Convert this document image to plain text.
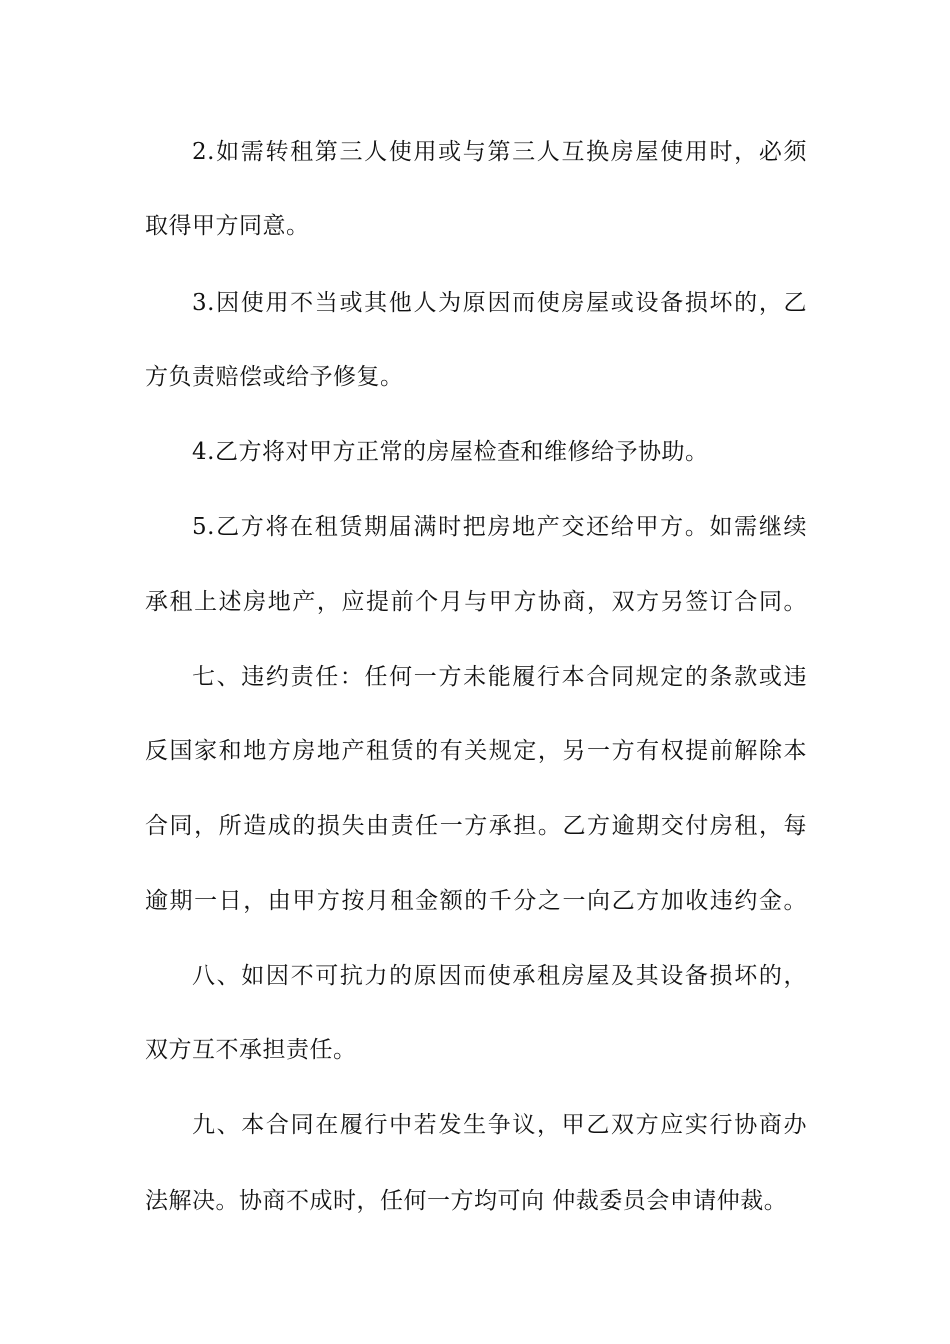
2.如需转租第三人使用或与第三人互换房屋使用时，必须
取得甲方同意。
3.因使用不当或其他人为原因而使房屋或设备损坏的，乙
方负责赔偿或给予修复。
4.乙方将对甲方正常的房屋检查和维修给予协助。
5.乙方将在租赁期届满时把房地产交还给甲方。如需继续
承租上述房地产，应提前个月与甲方协商，双方另签订合同。
七、违约责任：任何一方未能履行本合同规定的条款或违
反国家和地方房地产租赁的有关规定，另一方有权提前解除本
合同，所造成的损失由责任一方承担。乙方逾期交付房租，每
逾期一日，由甲方按月租金额的千分之一向乙方加收违约金。
八、如因不可抗力的原因而使承租房屋及其设备损坏的，
双方互不承担责任。
九、本合同在履行中若发生争议，甲乙双方应实行协商办
法解决。协商不成时，任何一方均可向 仲裁委员会申请仲裁。
